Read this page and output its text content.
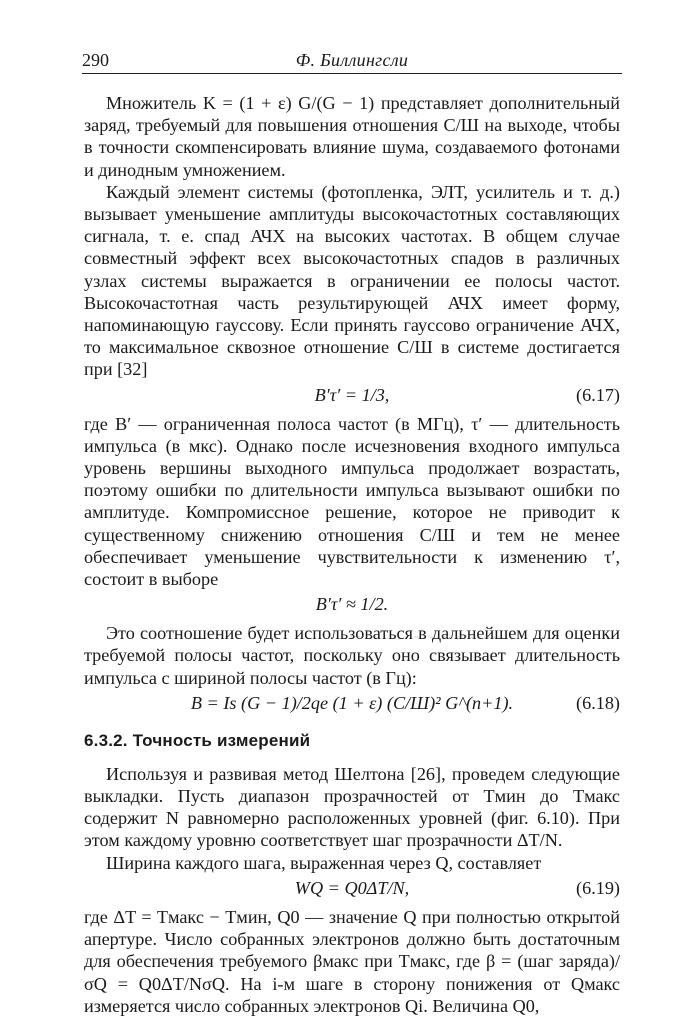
290	Ф. Биллингсли

Множитель K = (1 + ε) G/(G − 1) представляет дополнительный заряд, требуемый для повышения отношения С/Ш на выходе, чтобы в точности скомпенсировать влияние шума, создаваемого фотонами и динодным умножением.

Каждый элемент системы (фотопленка, ЭЛТ, усилитель и т. д.) вызывает уменьшение амплитуды высокочастотных составляющих сигнала, т. е. спад АЧХ на высоких частотах. В общем случае совместный эффект всех высокочастотных спадов в различных узлах системы выражается в ограничении ее полосы частот. Высокочастотная часть результирующей АЧХ имеет форму, напоминающую гауссову. Если принять гауссово ограничение АЧХ, то максимальное сквозное отношение С/Ш в системе достигается при [32]

B′τ′ = 1/3,	(6.17)

где B′ — ограниченная полоса частот (в МГц), τ′ — длительность импульса (в мкс). Однако после исчезновения входного импульса уровень вершины выходного импульса продолжает возрастать, поэтому ошибки по длительности импульса вызывают ошибки по амплитуде. Компромиссное решение, которое не приводит к существенному снижению отношения С/Ш и тем не менее обеспечивает уменьшение чувствительности к изменению τ′, состоит в выборе

B′τ′ ≈ 1/2.

Это соотношение будет использоваться в дальнейшем для оценки требуемой полосы частот, поскольку оно связывает длительность импульса с шириной полосы частот (в Гц):

B = Is (G − 1)/2qe (1 + ε) (С/Ш)² G^(n+1).	(6.18)
6.3.2. Точность измерений

Используя и развивая метод Шелтона [26], проведем следующие выкладки. Пусть диапазон прозрачностей от Tмин до Tмакс содержит N равномерно расположенных уровней (фиг. 6.10). При этом каждому уровню соответствует шаг прозрачности ΔT/N.

Ширина каждого шага, выраженная через Q, составляет

WQ = Q0ΔT/N,	(6.19)

где ΔT = Tмакс − Tмин, Q0 — значение Q при полностью открытой апертуре. Число собранных электронов должно быть достаточным для обеспечения требуемого βмакс при Tмакс, где β = (шаг заряда)/σQ = Q0ΔT/NσQ. На i-м шаге в сторону понижения от Qмакс измеряется число собранных электронов Qi. Величина Q0,
